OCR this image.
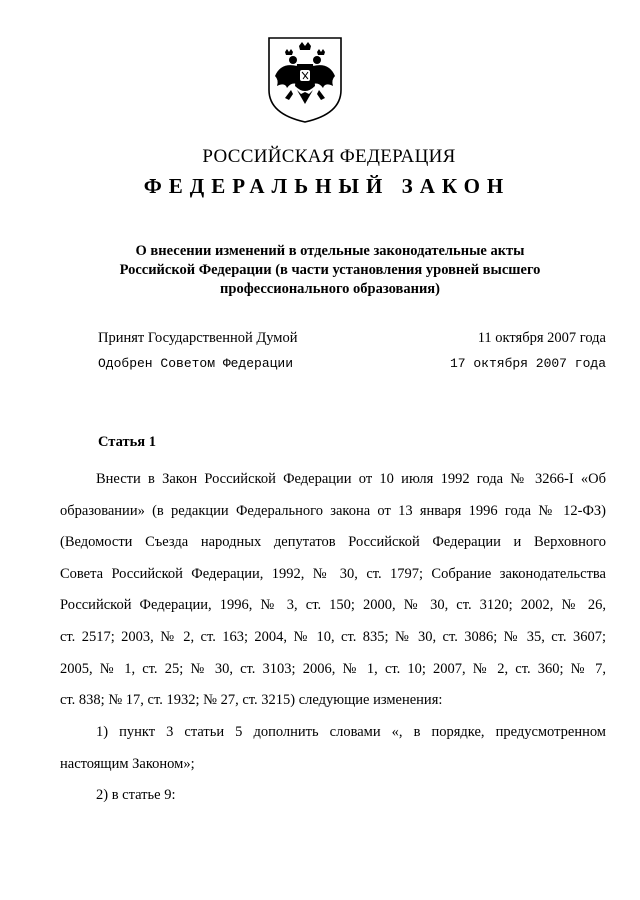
РОССИЙСКАЯ ФЕДЕРАЦИЯ
ФЕДЕРАЛЬНЫЙ ЗАКОН
О внесении изменений в отдельные законодательные акты
Российской Федерации (в части установления уровней высшего
профессионального образования)
Принят Государственной Думой	11 октября 2007 года
Одобрен Советом Федерации	17 октября 2007 года
Статья 1
Внести в Закон Российской Федерации от 10 июля 1992 года № 3266-I «Об
образовании» (в редакции Федерального закона от 13 января 1996 года № 12-ФЗ)
(Ведомости Съезда народных депутатов Российской Федерации и Верховного
Совета Российской Федерации, 1992, № 30, ст. 1797; Собрание законодательства
Российской Федерации, 1996, № 3, ст. 150; 2000, № 30, ст. 3120; 2002, № 26,
ст. 2517; 2003, № 2, ст. 163; 2004, № 10, ст. 835; № 30, ст. 3086; № 35, ст. 3607;
2005, № 1, ст. 25; № 30, ст. 3103; 2006, № 1, ст. 10; 2007, № 2, ст. 360; № 7,
ст. 838; № 17, ст. 1932; № 27, ст. 3215) следующие изменения:
1) пункт 3 статьи 5 дополнить словами «, в порядке, предусмотренном
настоящим Законом»;
2) в статье 9:
